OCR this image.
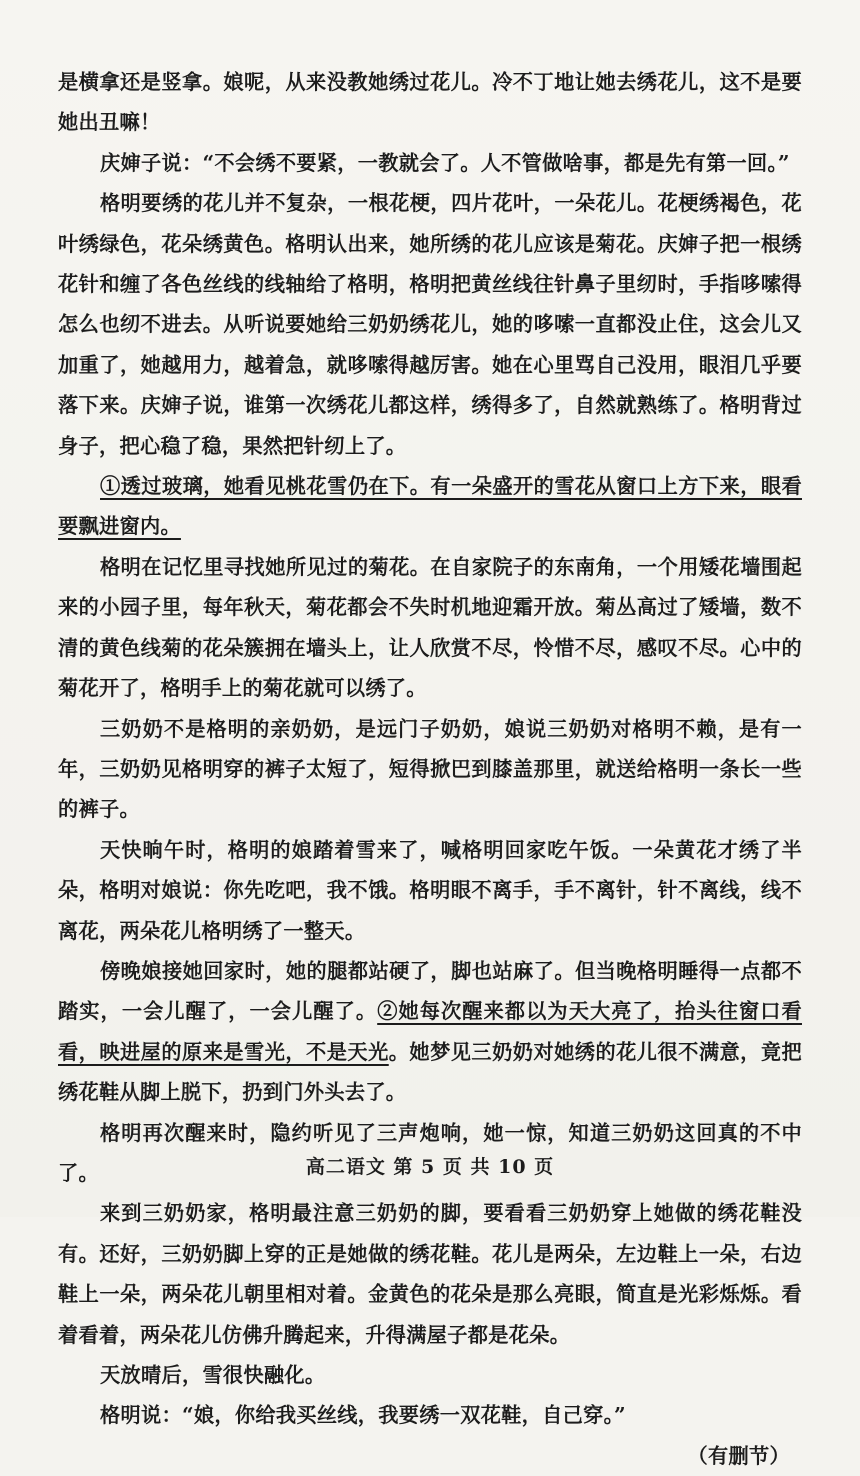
是横拿还是竖拿。娘呢，从来没教她绣过花儿。冷不丁地让她去绣花儿，这不是要她出丑嘛！

庆婶子说：“不会绣不要紧，一教就会了。人不管做啥事，都是先有第一回。”

格明要绣的花儿并不复杂，一根花梗，四片花叶，一朵花儿。花梗绣褐色，花叶绣绿色，花朵绣黄色。格明认出来，她所绣的花儿应该是菊花。庆婶子把一根绣花针和缠了各色丝线的线轴给了格明，格明把黄丝线往针鼻子里纫时，手指哆嗦得怎么也纫不进去。从听说要她给三奶奶绣花儿，她的哆嗦一直都没止住，这会儿又加重了，她越用力，越着急，就哆嗦得越厉害。她在心里骂自己没用，眼泪几乎要落下来。庆婶子说，谁第一次绣花儿都这样，绣得多了，自然就熟练了。格明背过身子，把心稳了稳，果然把针纫上了。

①透过玻璃，她看见桃花雪仍在下。有一朵盛开的雪花从窗口上方下来，眼看要飘进窗内。

格明在记忆里寻找她所见过的菊花。在自家院子的东南角，一个用矮花墙围起来的小园子里，每年秋天，菊花都会不失时机地迎霜开放。菊丛高过了矮墙，数不清的黄色线菊的花朵簇拥在墙头上，让人欣赏不尽，怜惜不尽，感叹不尽。心中的菊花开了，格明手上的菊花就可以绣了。

三奶奶不是格明的亲奶奶，是远门子奶奶，娘说三奶奶对格明不赖，是有一年，三奶奶见格明穿的裤子太短了，短得掀巴到膝盖那里，就送给格明一条长一些的裤子。

天快晌午时，格明的娘踏着雪来了，喊格明回家吃午饭。一朵黄花才绣了半朵，格明对娘说：你先吃吧，我不饿。格明眼不离手，手不离针，针不离线，线不离花，两朵花儿格明绣了一整天。

傍晚娘接她回家时，她的腿都站硬了，脚也站麻了。但当晚格明睡得一点都不踏实，一会儿醒了，一会儿醒了。②她每次醒来都以为天大亮了，抬头往窗口看看，映进屋的原来是雪光，不是天光。她梦见三奶奶对她绣的花儿很不满意，竟把绣花鞋从脚上脱下，扔到门外头去了。

格明再次醒来时，隐约听见了三声炮响，她一惊，知道三奶奶这回真的不中了。

来到三奶奶家，格明最注意三奶奶的脚，要看看三奶奶穿上她做的绣花鞋没有。还好，三奶奶脚上穿的正是她做的绣花鞋。花儿是两朵，左边鞋上一朵，右边鞋上一朵，两朵花儿朝里相对着。金黄色的花朵是那么亮眼，简直是光彩烁烁。看着看着，两朵花儿仿佛升腾起来，升得满屋子都是花朵。

天放晴后，雪很快融化。

格明说：“娘，你给我买丝线，我要绣一双花鞋，自己穿。”

（有删节）

高二语文 第 5 页 共 10 页
